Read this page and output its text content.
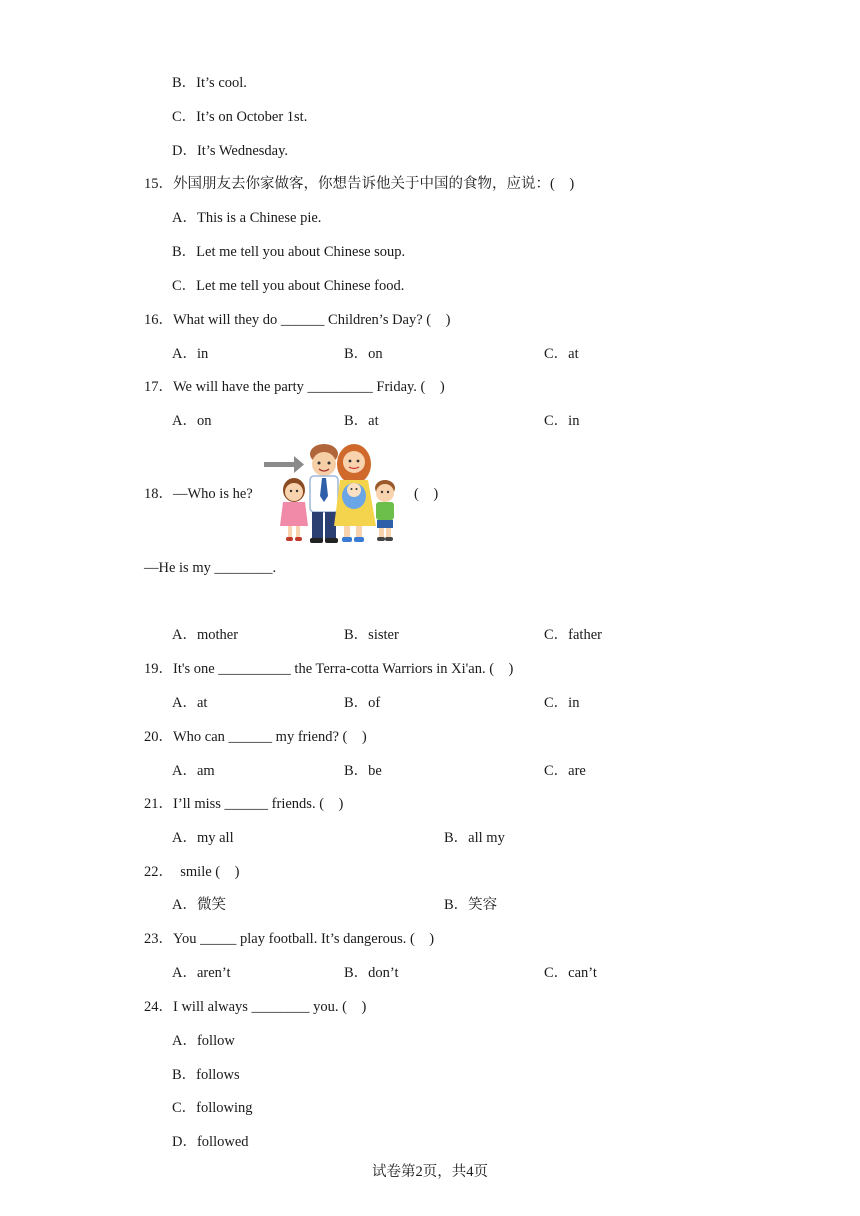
B．It’s cool.
C．It’s on October 1st.
D．It’s Wednesday.
15．外国朋友去你家做客，你想告诉他关于中国的食物，应说：(　)
A．This is a Chinese pie.
B．Let me tell you about Chinese soup.
C．Let me tell you about Chinese food.
16．What will they do ______ Children’s Day? (　)
A．in	B．on	C．at
17．We will have the party _________ Friday. (　)
A．on	B．at	C．in
18．—Who is he?	(　)
—He is my ________.
A．mother	B．sister	C．father
19．It's one __________ the Terra-cotta Warriors in Xi'an. (　)
A．at	B．of	C．in
20．Who can ______ my friend? (　)
A．am	B．be	C．are
21．I’ll miss ______ friends. (　)
A．my all	B．all my
22．  smile (　)
A．微笑	B．笑容
23．You _____ play football. It’s dangerous. (　)
A．aren’t	B．don’t	C．can’t
24．I will always ________ you. (　)
A．follow
B．follows
C．following
D．followed
试卷第2页，共4页
